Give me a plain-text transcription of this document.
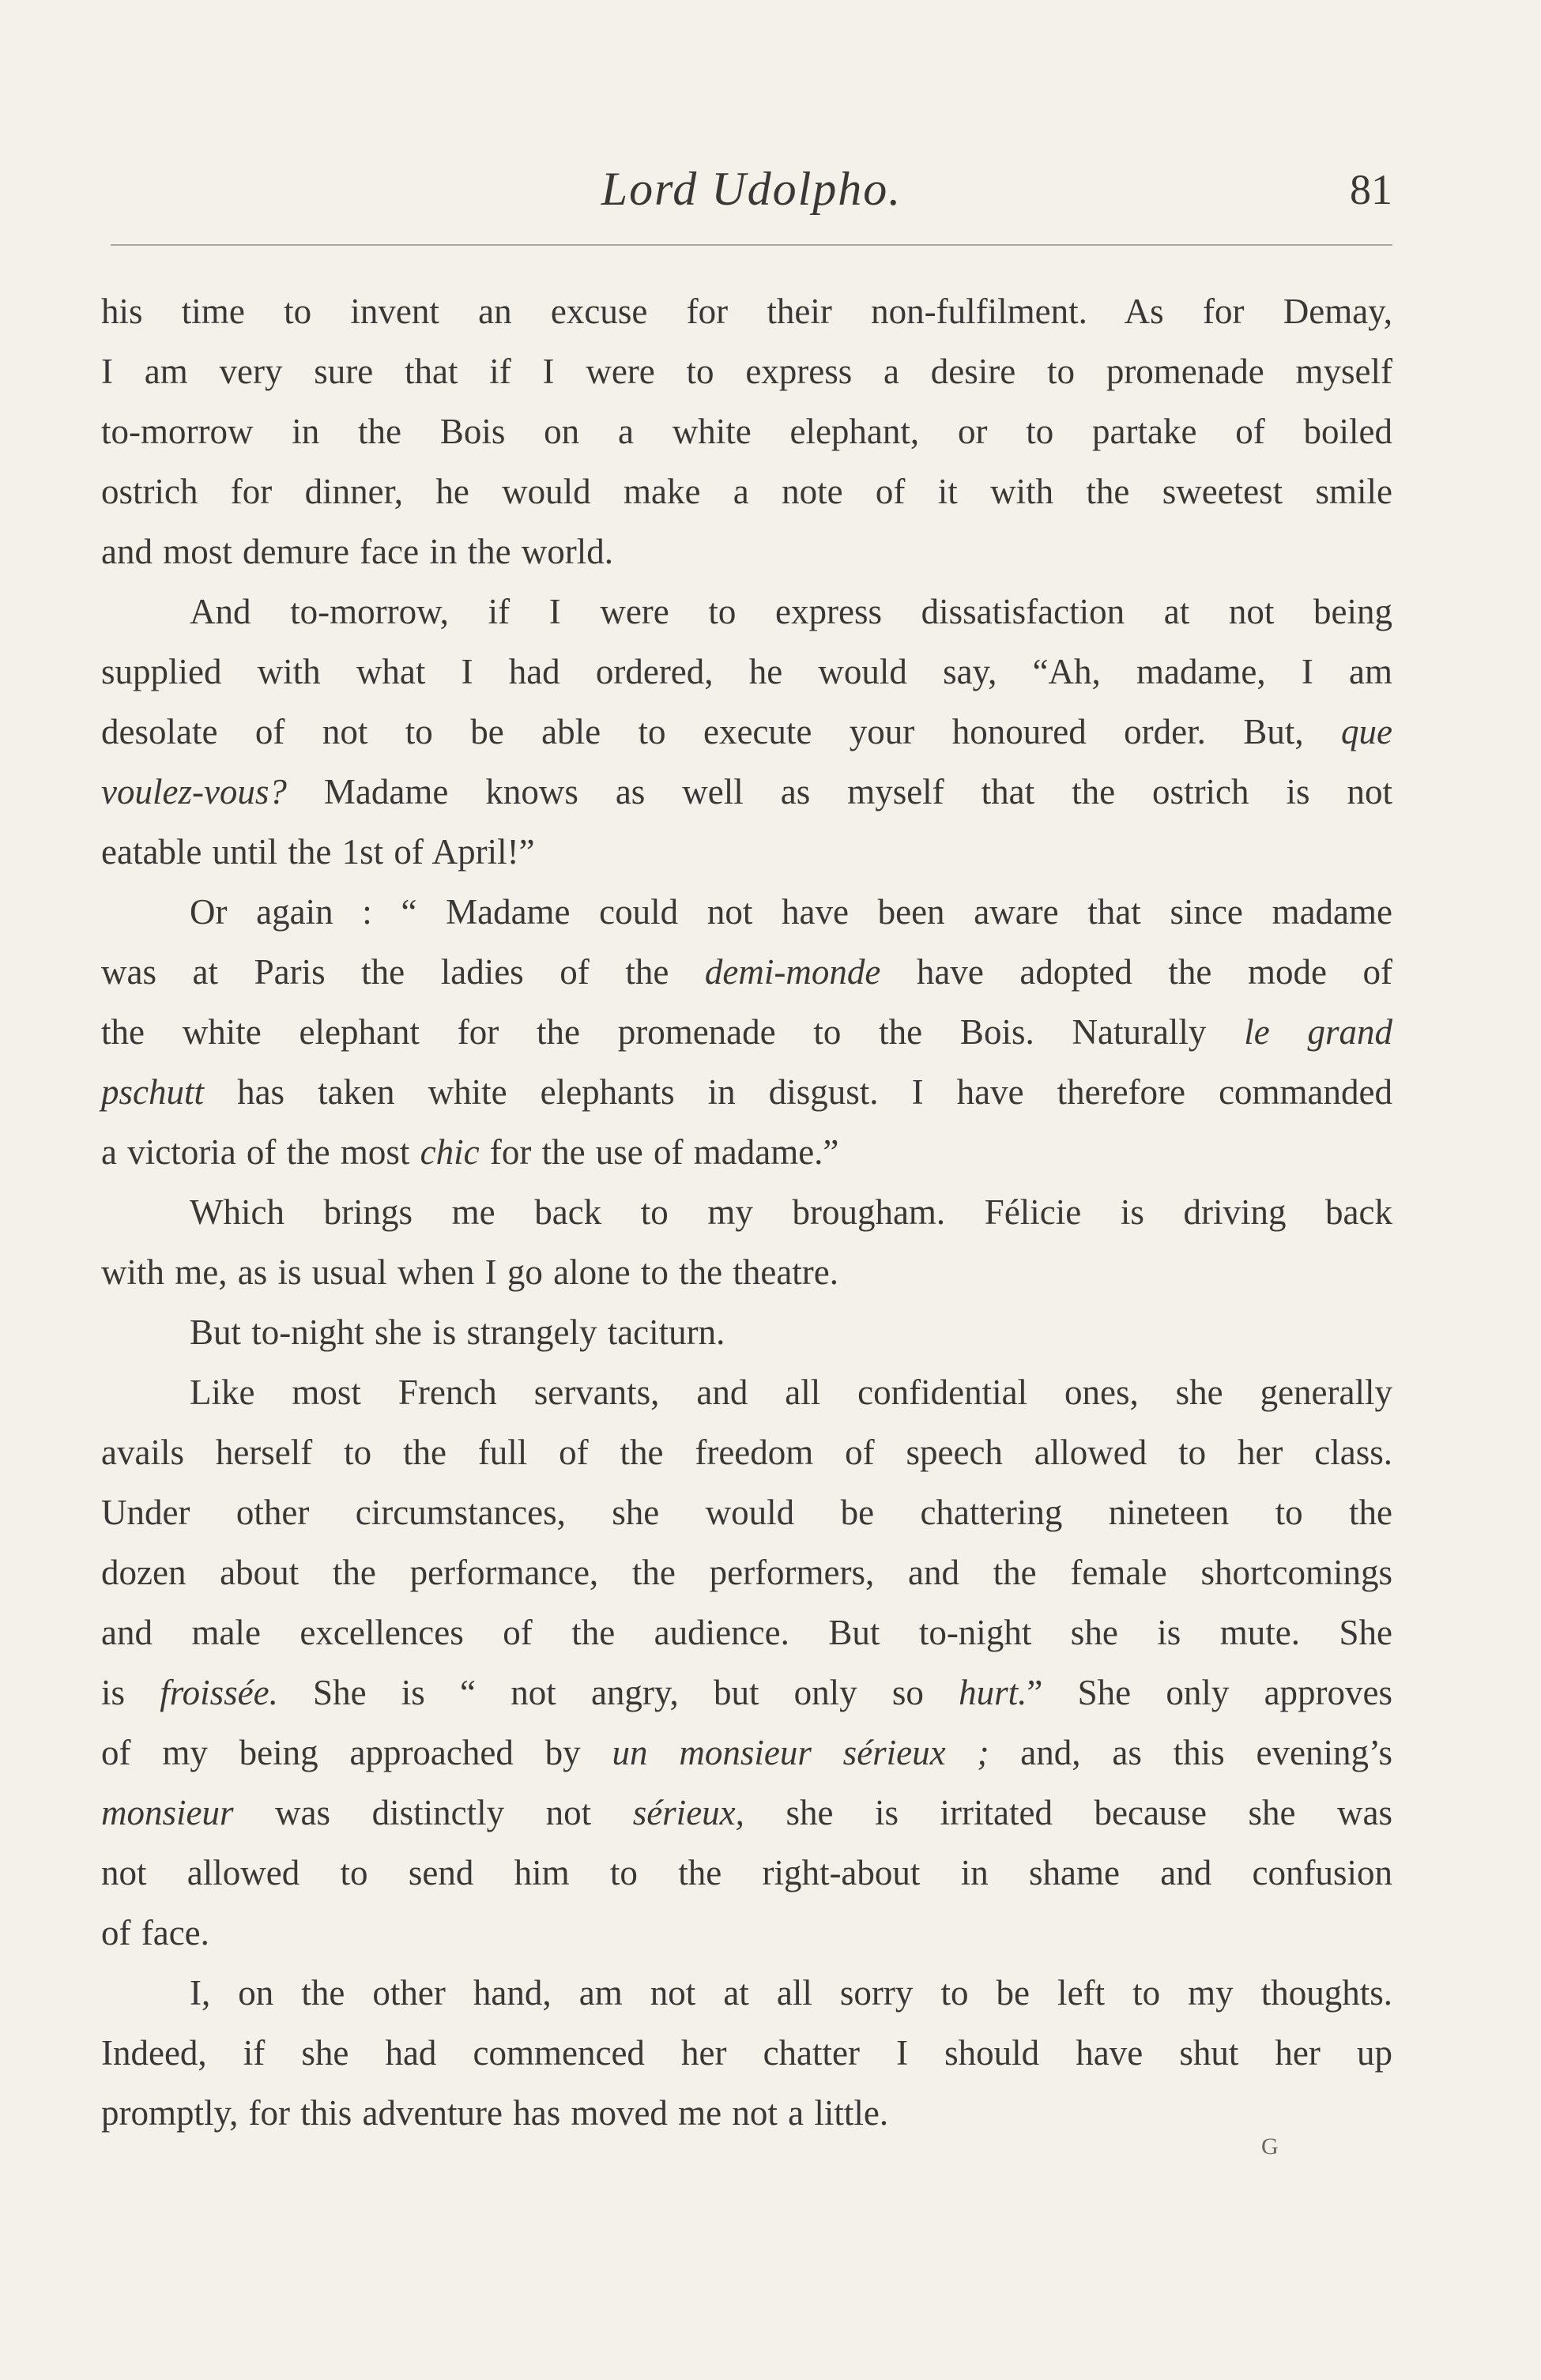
Lord Udolpho.	81

his time to invent an excuse for their non-fulfilment. As for Demay,

I am very sure that if I were to express a desire to promenade myself

to-morrow in the Bois on a white elephant, or to partake of boiled

ostrich for dinner, he would make a note of it with the sweetest smile

and most demure face in the world.

And to-morrow, if I were to express dissatisfaction at not being

supplied with what I had ordered, he would say, “Ah, madame, I am

desolate of not to be able to execute your honoured order. But, que

voulez-vous? Madame knows as well as myself that the ostrich is not

eatable until the 1st of April!”

Or again : “ Madame could not have been aware that since madame

was at Paris the ladies of the demi-monde have adopted the mode of

the white elephant for the promenade to the Bois. Naturally le grand

pschutt has taken white elephants in disgust. I have therefore commanded

a victoria of the most chic for the use of madame.”

Which brings me back to my brougham. Félicie is driving back

with me, as is usual when I go alone to the theatre.

But to-night she is strangely taciturn.

Like most French servants, and all confidential ones, she generally

avails herself to the full of the freedom of speech allowed to her class.

Under other circumstances, she would be chattering nineteen to the

dozen about the performance, the performers, and the female shortcomings

and male excellences of the audience. But to-night she is mute. She

is froissée. She is “ not angry, but only so hurt.” She only approves

of my being approached by un monsieur sérieux ; and, as this evening’s

monsieur was distinctly not sérieux, she is irritated because she was

not allowed to send him to the right-about in shame and confusion

of face.

I, on the other hand, am not at all sorry to be left to my thoughts.

Indeed, if she had commenced her chatter I should have shut her up

promptly, for this adventure has moved me not a little.

G
